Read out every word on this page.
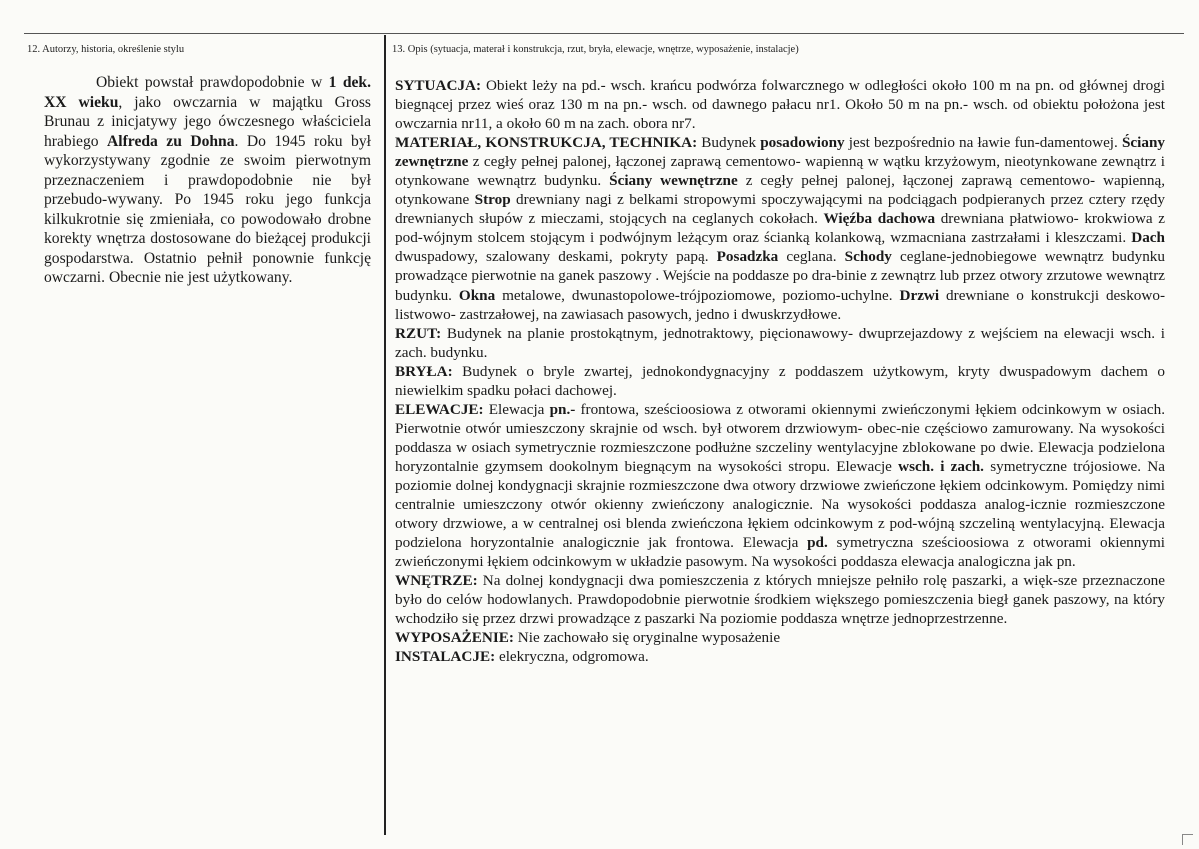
12. Autorzy, historia, określenie stylu	13. Opis (sytuacja, materał i konstrukcja, rzut, bryła, elewacje, wnętrze, wyposażenie, instalacje)

Obiekt powstał prawdopodobnie w 1 dek. XX wieku, jako owczarnia w majątku Gross Brunau z inicjatywy jego ówczesnego właściciela hrabiego Alfreda zu Dohna. Do 1945 roku był wykorzystywany zgodnie ze swoim pierwotnym przeznaczeniem i prawdopodobnie nie był przebudo-wywany. Po 1945 roku jego funkcja kilkukrotnie się zmieniała, co powodowało drobne korekty wnętrza dostosowane do bieżącej produkcji gospodarstwa. Ostatnio pełnił ponownie funkcję owczarni. Obecnie nie jest użytkowany.

SYTUACJA: Obiekt leży na pd.- wsch. krańcu podwórza folwarcznego w odległości około 100 m na pn. od głównej drogi biegnącej przez wieś oraz 130 m na pn.- wsch. od dawnego pałacu nr1. Około 50 m na pn.- wsch. od obiektu położona jest owczarnia nr11, a około 60 m na zach. obora nr7.

MATERIAŁ, KONSTRUKCJA, TECHNIKA: Budynek posadowiony jest bezpośrednio na ławie fun-damentowej. Ściany zewnętrzne z cegły pełnej palonej, łączonej zaprawą cementowo- wapienną w wątku krzyżowym, nieotynkowane zewnątrz i otynkowane wewnątrz budynku. Ściany wewnętrzne z cegły pełnej palonej, łączonej zaprawą cementowo- wapienną, otynkowane Strop drewniany nagi z belkami stropowymi spoczywającymi na podciągach podpieranych przez cztery rzędy drewnianych słupów z mieczami, stojących na ceglanych cokołach. Więźba dachowa drewniana płatwiowo- krokwiowa z pod-wójnym stolcem stojącym i podwójnym leżącym oraz ścianką kolankową, wzmacniana zastrzałami i kleszczami. Dach dwuspadowy, szalowany deskami, pokryty papą. Posadzka ceglana. Schody ceglane-jednobiegowe wewnątrz budynku prowadzące pierwotnie na ganek paszowy . Wejście na poddasze po dra-binie z zewnątrz lub przez otwory zrzutowe wewnątrz budynku. Okna metalowe, dwunastopolowe-trójpoziomowe, poziomo-uchylne. Drzwi drewniane o konstrukcji deskowo- listwowo- zastrzałowej, na zawiasach pasowych, jedno i dwuskrzydłowe.

RZUT: Budynek na planie prostokątnym, jednotraktowy, pięcionawowy- dwuprzejazdowy z wejściem na elewacji wsch. i zach. budynku.

BRYŁA: Budynek o bryle zwartej, jednokondygnacyjny z poddaszem użytkowym, kryty dwuspadowym dachem o niewielkim spadku połaci dachowej.

ELEWACJE: Elewacja pn.- frontowa, sześcioosiowa z otworami okiennymi zwieńczonymi łękiem odcinkowym w osiach. Pierwotnie otwór umieszczony skrajnie od wsch. był otworem drzwiowym- obec-nie częściowo zamurowany. Na wysokości poddasza w osiach symetrycznie rozmieszczone podłużne szczeliny wentylacyjne zblokowane po dwie. Elewacja podzielona horyzontalnie gzymsem dookolnym biegnącym na wysokości stropu. Elewacje wsch. i zach. symetryczne trójosiowe. Na poziomie dolnej kondygnacji skrajnie rozmieszczone dwa otwory drzwiowe zwieńczone łękiem odcinkowym. Pomiędzy nimi centralnie umieszczony otwór okienny zwieńczony analogicznie. Na wysokości poddasza analog-icznie rozmieszczone otwory drzwiowe, a w centralnej osi blenda zwieńczona łękiem odcinkowym z pod-wójną szczeliną wentylacyjną. Elewacja podzielona horyzontalnie analogicznie jak frontowa. Elewacja pd. symetryczna sześcioosiowa z otworami okiennymi zwieńczonymi łękiem odcinkowym w układzie pasowym. Na wysokości poddasza elewacja analogiczna jak pn.

WNĘTRZE: Na dolnej kondygnacji dwa pomieszczenia z których mniejsze pełniło rolę paszarki, a więk-sze przeznaczone było do celów hodowlanych. Prawdopodobnie pierwotnie środkiem większego pomieszczenia biegł ganek paszowy, na który wchodziło się przez drzwi prowadzące z paszarki Na poziomie poddasza wnętrze jednoprzestrzenne.

WYPOSAŻENIE: Nie zachowało się oryginalne wyposażenie

INSTALACJE: elekryczna, odgromowa.
